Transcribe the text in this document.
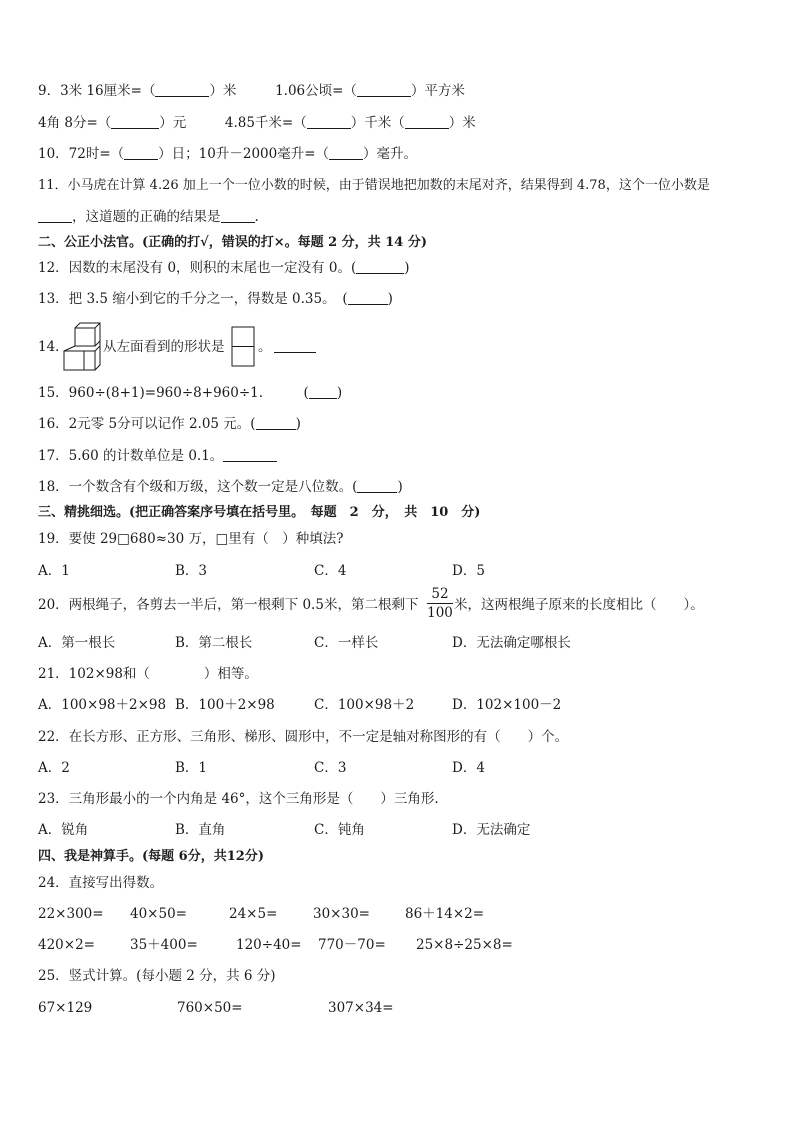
9．3米 16厘米=（	）米	1.06公顷=（	）平方米
4角 8分=（	）元	4.85千米=（	）千米（	）米
10．72时=（	）日；10升－2000毫升=（	）毫升。
11．小马虎在计算 4.26 加上一个一位小数的时候，由于错误地把加数的末尾对齐，结果得到 4.78，这个一位小数是
，这道题的正确的结果是	.
二、公正小法官。(正确的打√，错误的打×。每题 2 分，共 14 分)
12．因数的末尾没有 0，则积的末尾也一定没有 0。(	)
13．把 3.5 缩小到它的千分之一，得数是 0.35。　(	)
14．	从左面看到的形状是 。
15．960÷(8+1)=960÷8+960÷1.　　　( )
16．2元零 5分可以记作 2.05 元。(	)
17．5.60 的计数单位是 0.1。
18．一个数含有个级和万级，这个数一定是八位数。(	)
三、精挑细选。(把正确答案序号填在括号里。　每题　2　分，　共　10　分)
19．要使 29□680≈30 万，□里有（　）种填法?
A．1	B．3	C．4	D．5
20．两根绳子，各剪去一半后，第一根剩下 0.5米，第二根剩下
52
100 米，这两根绳子原来的长度相比（　　）。
A．第一根长	B．第二根长	C．一样长	D．无法确定哪根长
21．102×98和（　　　　）相等。
A．100×98＋2×98 B．100＋2×98	C．100×98＋2	D．102×100－2
22．在长方形、正方形、三角形、梯形、圆形中，不一定是轴对称图形的有（　　）个。
A．2	B．1	C．3	D．4
23．三角形最小的一个内角是 46°，这个三角形是（　　）三角形.
A．锐角	B．直角	C．钝角	D．无法确定
四、我是神算手。(每题 6分，共12分)
24．直接写出得数。
22×300= 40×50=	24×5=	30×30=	86＋14×2=
420×2=	35＋400=	120÷40= 770－70= 25×8÷25×8=
25．竖式计算。(每小题 2 分，共 6 分)
67×129	760×50=	307×34=
